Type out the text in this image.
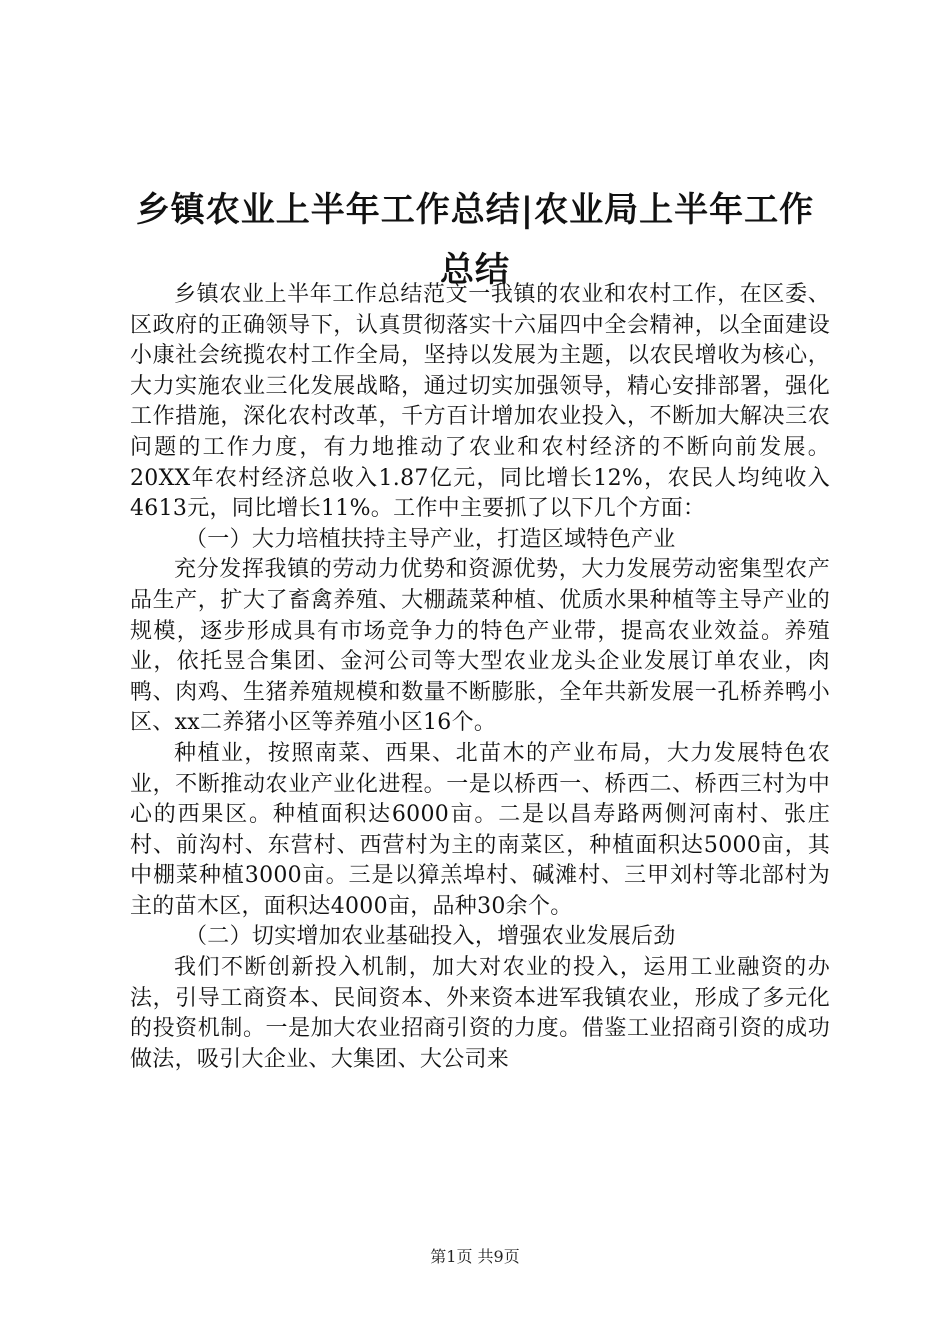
乡镇农业上半年工作总结|农业局上半年工作
总结

乡镇农业上半年工作总结范文一我镇的农业和农村工作，在区委、区政府的正确领导下，认真贯彻落实十六届四中全会精神，以全面建设小康社会统揽农村工作全局，坚持以发展为主题，以农民增收为核心，大力实施农业三化发展战略，通过切实加强领导，精心安排部署，强化工作措施，深化农村改革，千方百计增加农业投入，不断加大解决三农问题的工作力度，有力地推动了农业和农村经济的不断向前发展。20XX年农村经济总收入1.87亿元，同比增长12%，农民人均纯收入4613元，同比增长11%。工作中主要抓了以下几个方面：

（一）大力培植扶持主导产业，打造区域特色产业

充分发挥我镇的劳动力优势和资源优势，大力发展劳动密集型农产品生产，扩大了畜禽养殖、大棚蔬菜种植、优质水果种植等主导产业的规模，逐步形成具有市场竞争力的特色产业带，提高农业效益。养殖业，依托昱合集团、金河公司等大型农业龙头企业发展订单农业，肉鸭、肉鸡、生猪养殖规模和数量不断膨胀，全年共新发展一孔桥养鸭小区、xx二养猪小区等养殖小区16个。

种植业，按照南菜、西果、北苗木的产业布局，大力发展特色农业，不断推动农业产业化进程。一是以桥西一、桥西二、桥西三村为中心的西果区。种植面积达6000亩。二是以昌寿路两侧河南村、张庄村、前沟村、东营村、西营村为主的南菜区，种植面积达5000亩，其中棚菜种植3000亩。三是以獐羔埠村、碱滩村、三甲刘村等北部村为主的苗木区，面积达4000亩，品种30余个。

（二）切实增加农业基础投入，增强农业发展后劲

我们不断创新投入机制，加大对农业的投入，运用工业融资的办法，引导工商资本、民间资本、外来资本进军我镇农业，形成了多元化的投资机制。一是加大农业招商引资的力度。借鉴工业招商引资的成功做法，吸引大企业、大集团、大公司来

第1页 共9页
